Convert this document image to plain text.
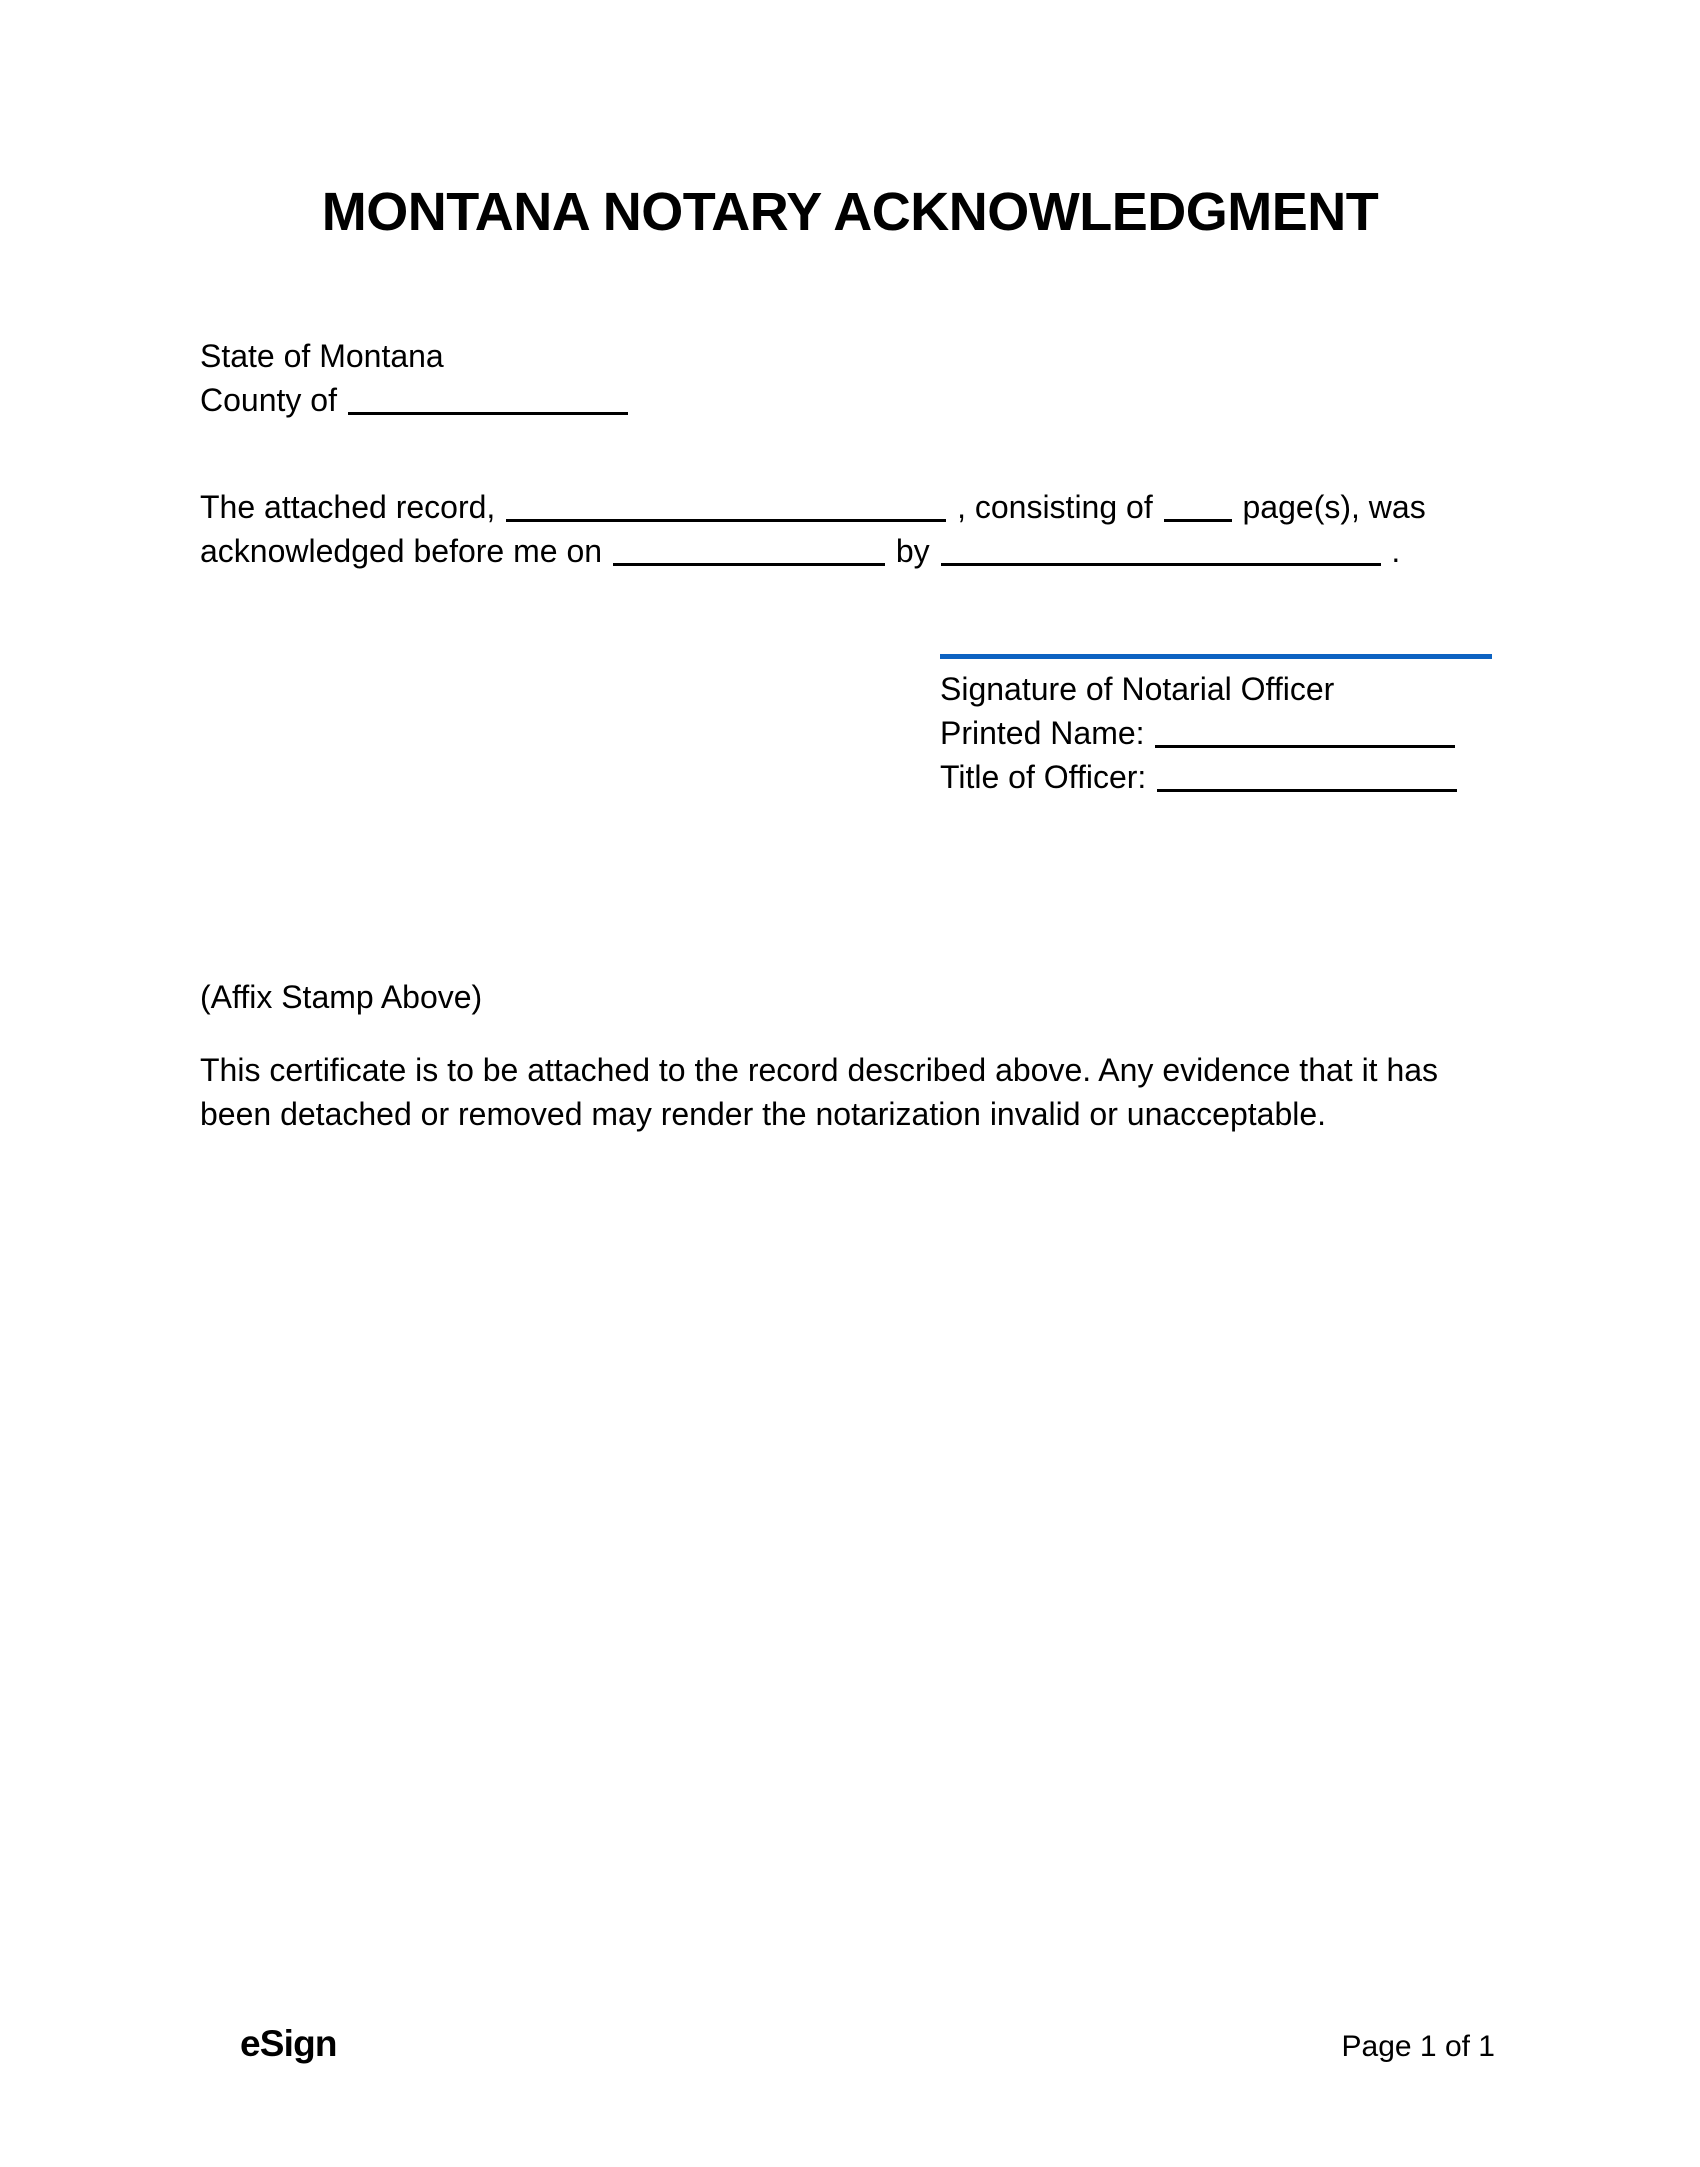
MONTANA NOTARY ACKNOWLEDGMENT
State of Montana
County of
The attached record,	, consisting of	page(s), was
acknowledged before me on	by	.
Signature of Notarial Officer
Printed Name:
Title of Officer:
(Affix Stamp Above)
This certificate is to be attached to the record described above. Any evidence that it has
been detached or removed may render the notarization invalid or unacceptable.
eSign	Page 1 of 1
